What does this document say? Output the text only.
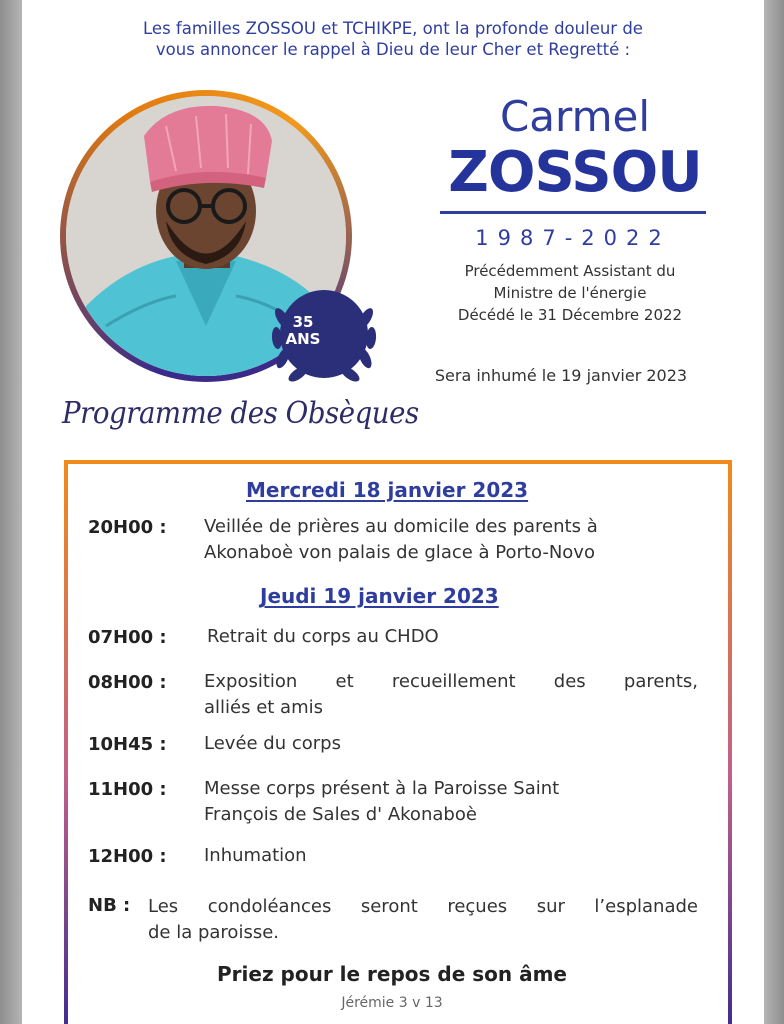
Les familles ZOSSOU et TCHIKPE, ont la profonde douleur de
vous annoncer le rappel à Dieu de leur Cher et Regretté :
Carmel
ZOSSOU
1987-2022
Précédemment Assistant du
Ministre de l'énergie
Décédé le 31 Décembre 2022
Sera inhumé le 19 janvier 2023
Programme des Obsèques
35
ANS
Mercredi 18 janvier 2023
20H00 : Veillée de prières au domicile des parents à
Akonaboè von palais de glace à Porto-Novo
Jeudi 19 janvier 2023
07H00 : Retrait du corps au CHDO
08H00 : Exposition et recueillement des parents,
alliés et amis
10H45 : Levée du corps
11H00 : Messe corps présent à la Paroisse Saint
François de Sales d' Akonaboè
12H00 : Inhumation
NB : Les condoléances seront reçues sur l’esplanade
de la paroisse.
Priez pour le repos de son âme
Jérémie 3 v 13
